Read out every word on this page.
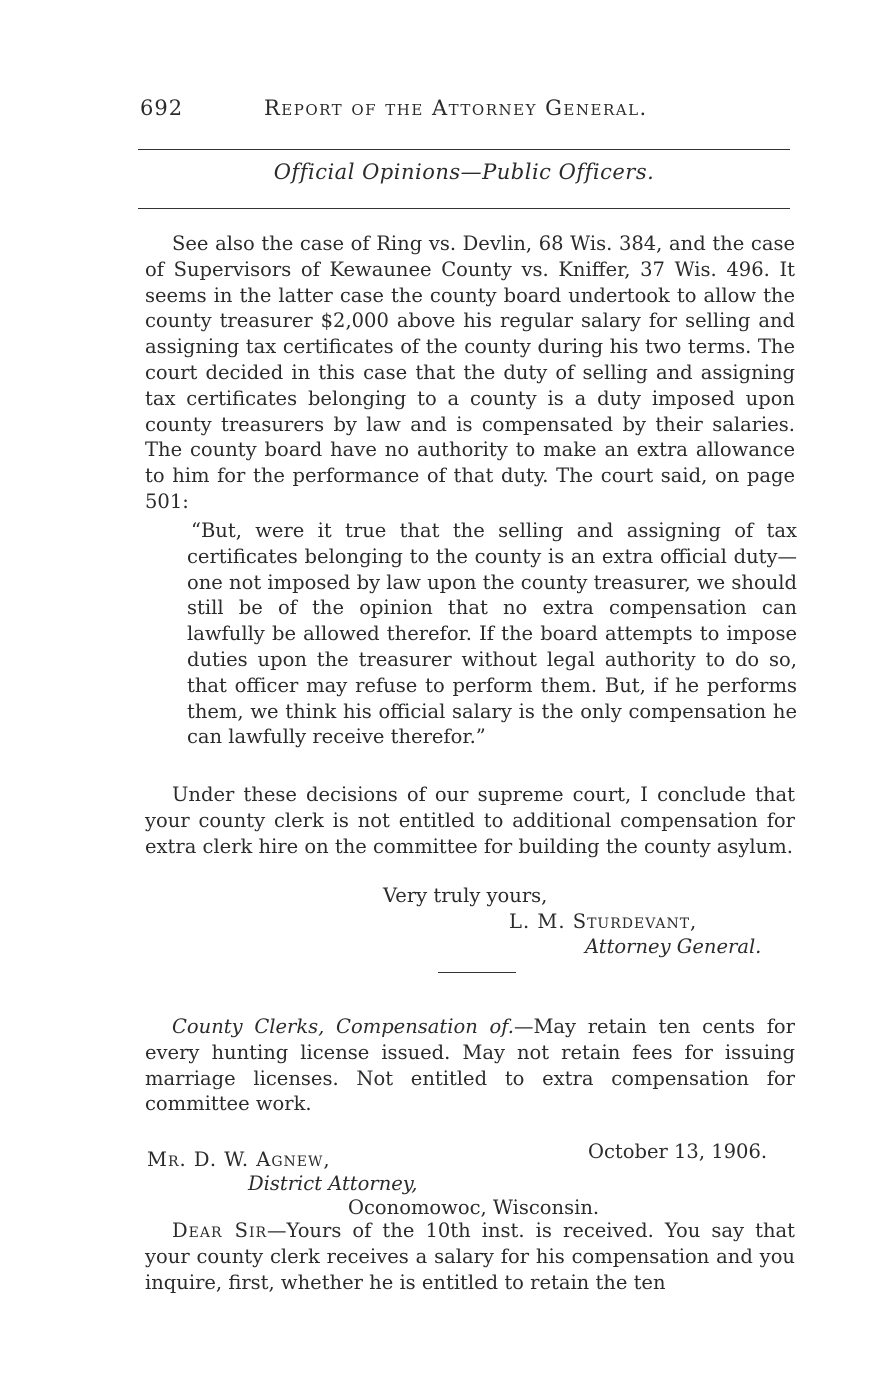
692	Report of the Attorney General.
Official Opinions—Public Officers.

See also the case of Ring vs. Devlin, 68 Wis. 384, and the case of Supervisors of Kewaunee County vs. Kniffer, 37 Wis. 496. It seems in the latter case the county board undertook to allow the county treasurer $2,000 above his regular salary for selling and assigning tax certificates of the county during his two terms. The court decided in this case that the duty of selling and assigning tax certificates belonging to a county is a duty imposed upon county treasurers by law and is compensated by their salaries. The county board have no authority to make an extra allowance to him for the performance of that duty. The court said, on page 501:

“But, were it true that the selling and assigning of tax certificates belonging to the county is an extra official duty—one not imposed by law upon the county treasurer, we should still be of the opinion that no extra compensation can lawfully be allowed therefor. If the board attempts to impose duties upon the treasurer without legal authority to do so, that officer may refuse to perform them. But, if he performs them, we think his official salary is the only compensation he can lawfully receive therefor.”

Under these decisions of our supreme court, I conclude that your county clerk is not entitled to additional compensation for extra clerk hire on the committee for building the county asylum.

Very truly yours,
L. M. Sturdevant,
Attorney General.

County Clerks, Compensation of.—May retain ten cents for every hunting license issued. May not retain fees for issuing marriage licenses. Not entitled to extra compensation for committee work.

Mr. D. W. Agnew,	October 13, 1906.
District Attorney,
Oconomowoc, Wisconsin.

Dear Sir—Yours of the 10th inst. is received. You say that your county clerk receives a salary for his compensation and you inquire, first, whether he is entitled to retain the ten
